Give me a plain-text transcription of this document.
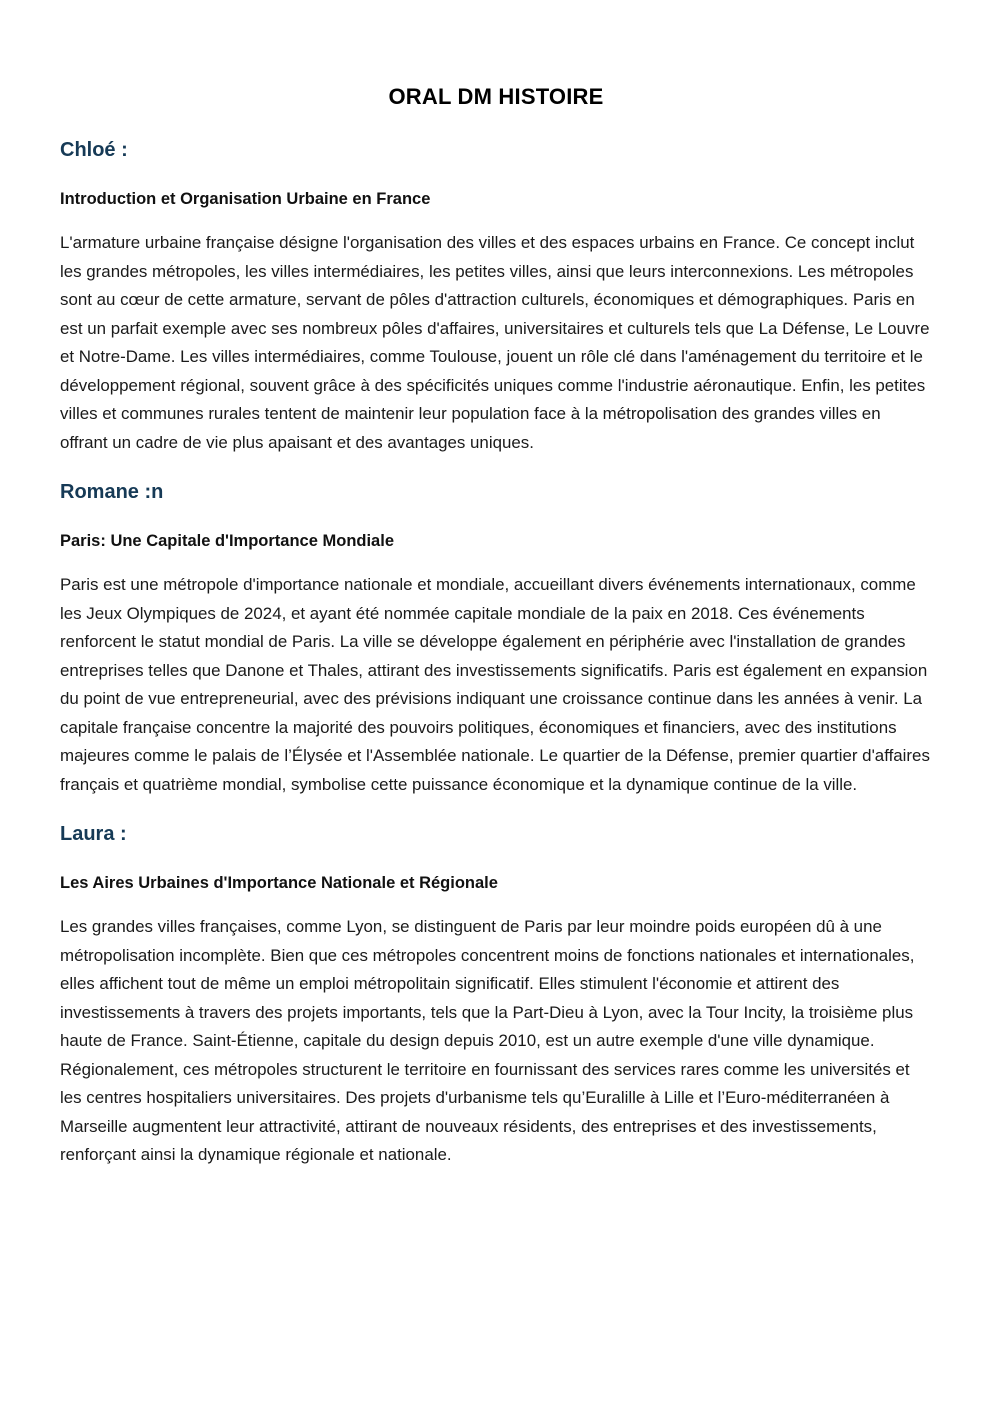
ORAL DM HISTOIRE
Chloé :
Introduction et Organisation Urbaine en France

L'armature urbaine française désigne l'organisation des villes et des espaces urbains en France. Ce concept inclut les grandes métropoles, les villes intermédiaires, les petites villes, ainsi que leurs interconnexions. Les métropoles sont au cœur de cette armature, servant de pôles d'attraction culturels, économiques et démographiques. Paris en est un parfait exemple avec ses nombreux pôles d'affaires, universitaires et culturels tels que La Défense, Le Louvre et Notre-Dame. Les villes intermédiaires, comme Toulouse, jouent un rôle clé dans l'aménagement du territoire et le développement régional, souvent grâce à des spécificités uniques comme l'industrie aéronautique. Enfin, les petites villes et communes rurales tentent de maintenir leur population face à la métropolisation des grandes villes en offrant un cadre de vie plus apaisant et des avantages uniques.

Romane :n
Paris: Une Capitale d'Importance Mondiale

Paris est une métropole d'importance nationale et mondiale, accueillant divers événements internationaux, comme les Jeux Olympiques de 2024, et ayant été nommée capitale mondiale de la paix en 2018. Ces événements renforcent le statut mondial de Paris. La ville se développe également en périphérie avec l'installation de grandes entreprises telles que Danone et Thales, attirant des investissements significatifs. Paris est également en expansion du point de vue entrepreneurial, avec des prévisions indiquant une croissance continue dans les années à venir. La capitale française concentre la majorité des pouvoirs politiques, économiques et financiers, avec des institutions majeures comme le palais de l’Élysée et l'Assemblée nationale. Le quartier de la Défense, premier quartier d'affaires français et quatrième mondial, symbolise cette puissance économique et la dynamique continue de la ville.

Laura :
Les Aires Urbaines d'Importance Nationale et Régionale

Les grandes villes françaises, comme Lyon, se distinguent de Paris par leur moindre poids européen dû à une métropolisation incomplète. Bien que ces métropoles concentrent moins de fonctions nationales et internationales, elles affichent tout de même un emploi métropolitain significatif. Elles stimulent l'économie et attirent des investissements à travers des projets importants, tels que la Part-Dieu à Lyon, avec la Tour Incity, la troisième plus haute de France. Saint-Étienne, capitale du design depuis 2010, est un autre exemple d'une ville dynamique. Régionalement, ces métropoles structurent le territoire en fournissant des services rares comme les universités et les centres hospitaliers universitaires. Des projets d'urbanisme tels qu’Euralille à Lille et l’Euro-méditerranéen à Marseille augmentent leur attractivité, attirant de nouveaux résidents, des entreprises et des investissements, renforçant ainsi la dynamique régionale et nationale.
